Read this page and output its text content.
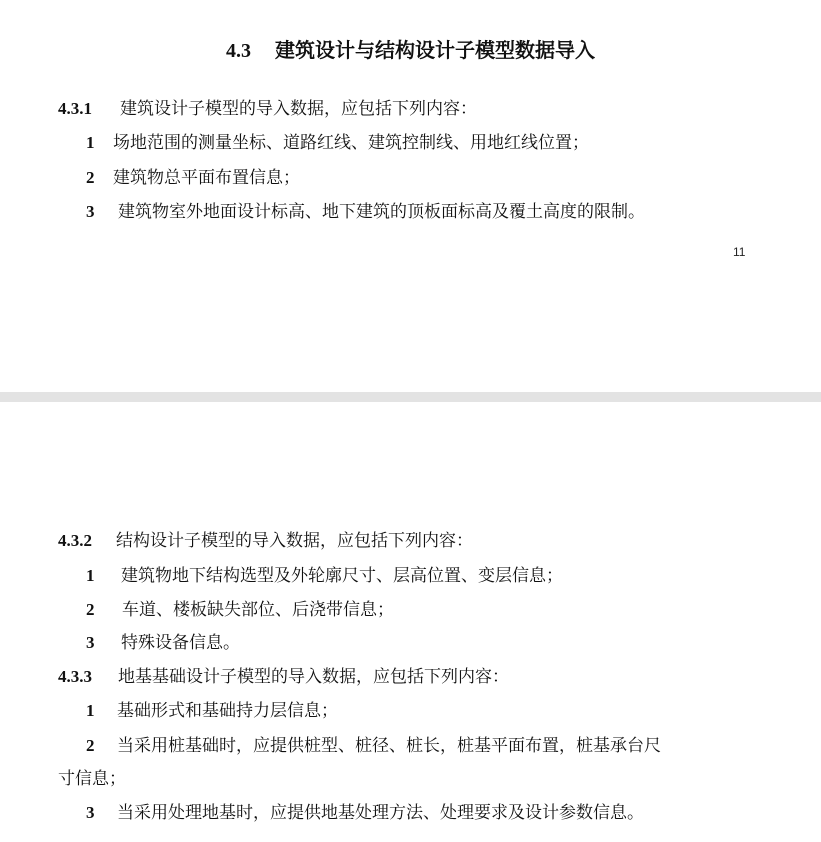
4.3 建筑设计与结构设计子模型数据导入
4.3.1 建筑设计子模型的导入数据，应包括下列内容：
1 场地范围的测量坐标、道路红线、建筑控制线、用地红线位置；
2 建筑物总平面布置信息；
3 建筑物室外地面设计标高、地下建筑的顶板面标高及覆土高度的限制。
11
4.3.2 结构设计子模型的导入数据，应包括下列内容：
1 建筑物地下结构选型及外轮廓尺寸、层高位置、变层信息；
2 车道、楼板缺失部位、后浇带信息；
3 特殊设备信息。
4.3.3 地基基础设计子模型的导入数据，应包括下列内容：
1 基础形式和基础持力层信息；
2 当采用桩基础时，应提供桩型、桩径、桩长，桩基平面布置，桩基承台尺
寸信息；
3 当采用处理地基时，应提供地基处理方法、处理要求及设计参数信息。
